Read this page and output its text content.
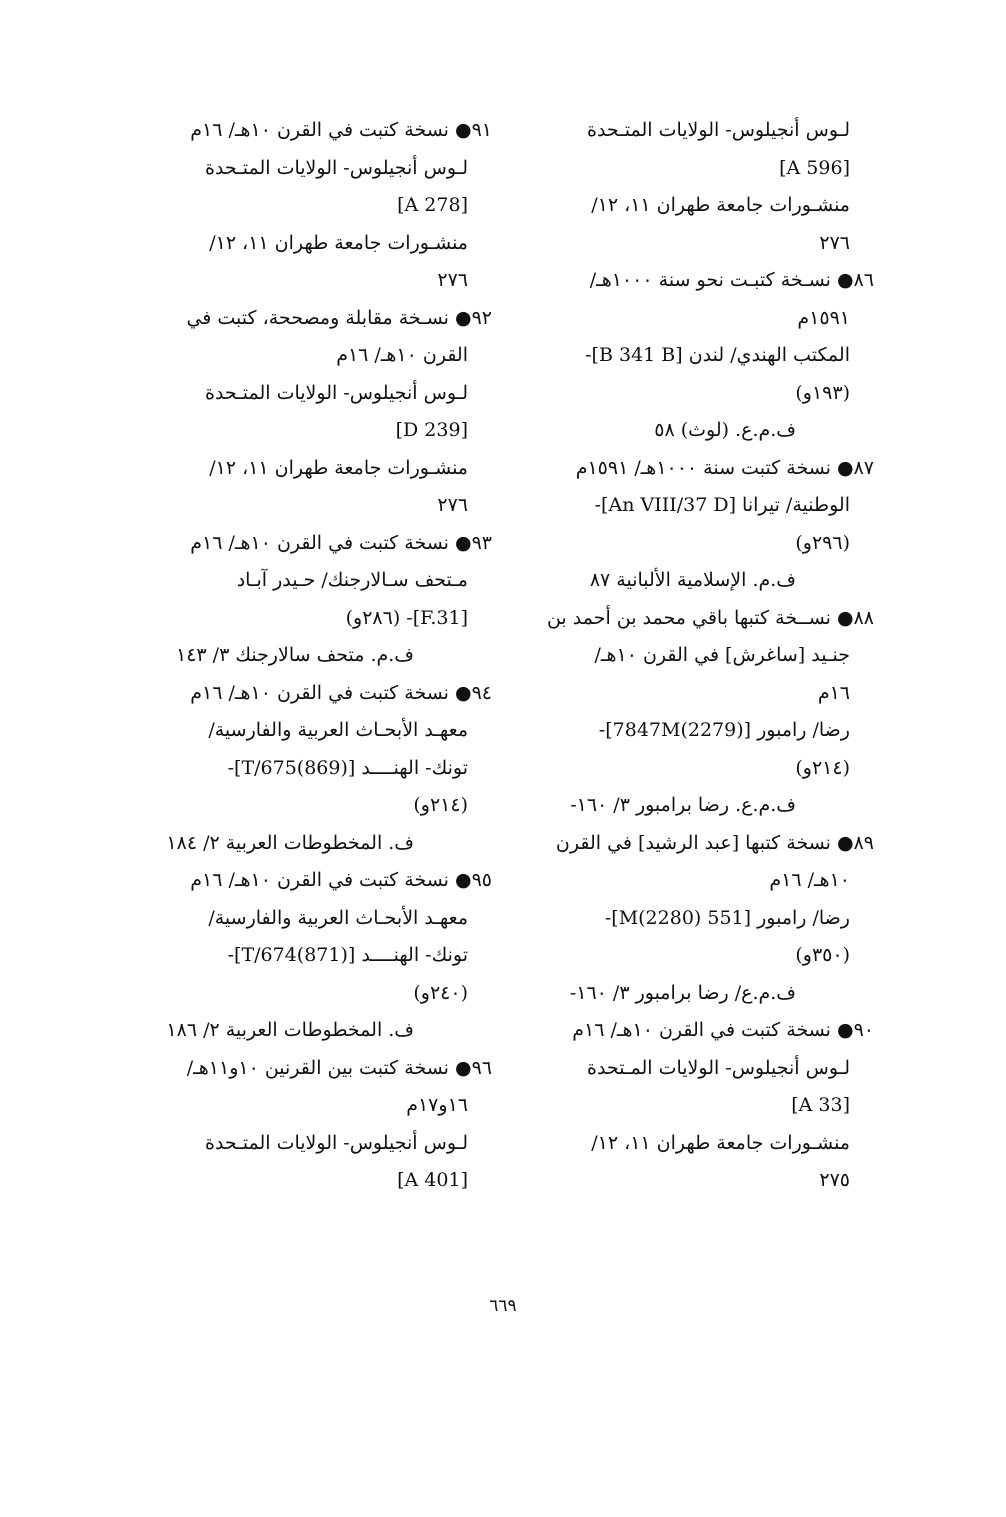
لـوس أنجيلوس- الولايات المتـحدة
[A 596]
منشـورات جامعة طهران ١١، ١٢/
٢٧٦
٨٦● نسـخة كتبـت نحو سنة ١٠٠٠هـ/
١٥٩١م
المكتب الهندي/ لندن [B 341 B]-
(١٩٣و)
ف.م.ع. (لوث) ٥٨
٨٧● نسخة كتبت سنة ١٠٠٠هـ/ ١٥٩١م
الوطنية/ تيرانا [An VIII/37 D]-
(٢٩٦و)
ف.م. الإسلامية الألبانية ٨٧
٨٨● نســخة كتبها باقي محمد بن أحمد بن
جنـيد [ساغرش] في القرن ١٠هـ/
١٦م
رضا/ رامبور [7847M(2279)]-
(٢١٤و)
ف.م.ع. رضا برامبور ٣/ ١٦٠-
٨٩● نسخة كتبها [عبد الرشيد] في القرن
١٠هـ/ ١٦م
رضا/ رامبور [551 M(2280)]-
(٣٥٠و)
ف.م.ع/ رضا برامبور ٣/ ١٦٠-
٩٠● نسخة كتبت في القرن ١٠هـ/ ١٦م
لـوس أنجيلوس- الولايات المـتحدة
[A 33]
منشـورات جامعة طهران ١١، ١٢/
٢٧٥
٩١● نسخة كتبت في القرن ١٠هـ/ ١٦م
لـوس أنجيلوس- الولايات المتـحدة
[A 278]
منشـورات جامعة طهران ١١، ١٢/
٢٧٦
٩٢● نسـخة مقابلة ومصححة، كتبت في
القرن ١٠هـ/ ١٦م
لـوس أنجيلوس- الولايات المتـحدة
[D 239]
منشـورات جامعة طهران ١١، ١٢/
٢٧٦
٩٣● نسخة كتبت في القرن ١٠هـ/ ١٦م
مـتحف سـالارجنك/ حـيدر آبـاد
[F.31]- (٢٨٦و)
ف.م. متحف سالارجنك ٣/ ١٤٣
٩٤● نسخة كتبت في القرن ١٠هـ/ ١٦م
معهـد الأبحـاث العربية والفارسية/
تونك- الهنــــد [T/675(869)]-
(٢١٤و)
ف. المخطوطات العربية ٢/ ١٨٤
٩٥● نسخة كتبت في القرن ١٠هـ/ ١٦م
معهـد الأبحـاث العربية والفارسية/
تونك- الهنــــد [T/674(871)]-
(٢٤٠و)
ف. المخطوطات العربية ٢/ ١٨٦
٩٦● نسخة كتبت بين القرنين ١٠و١١هـ/
١٦و١٧م
لـوس أنجيلوس- الولايات المتـحدة
[A 401]
٦٦٩
